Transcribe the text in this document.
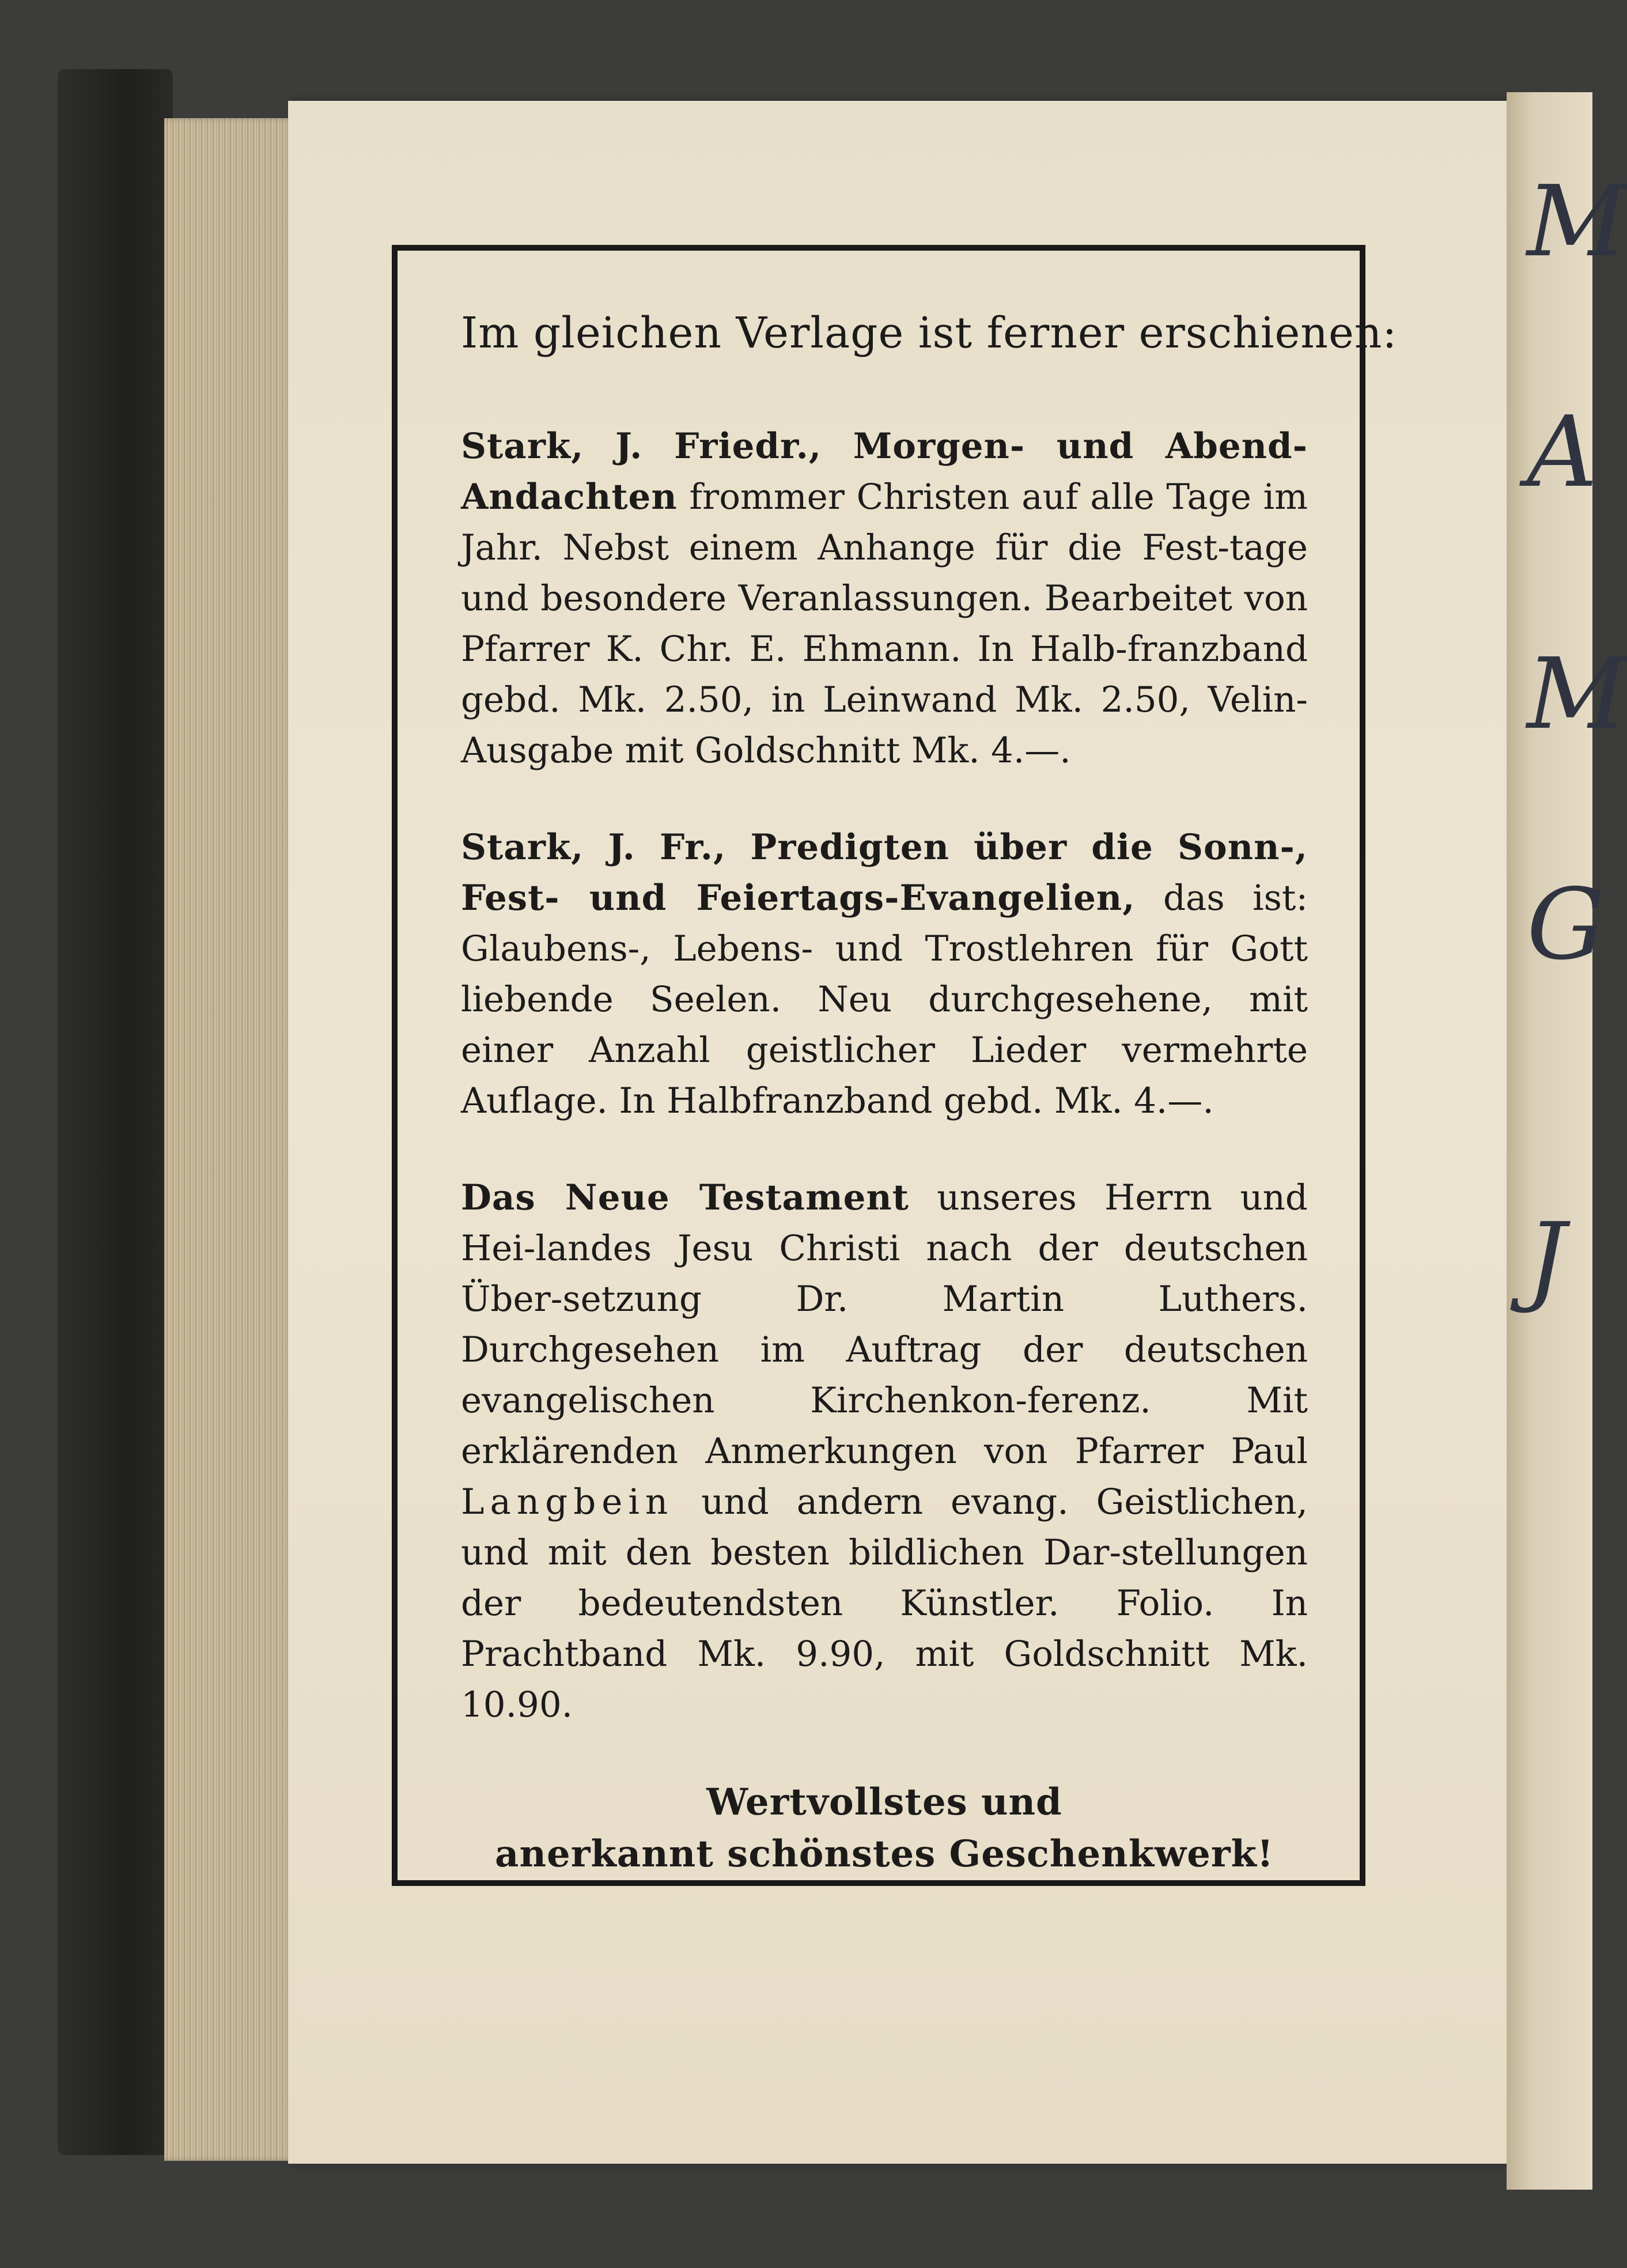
M
A
M
G
J
Im gleichen Verlage ist ferner erschienen:
Stark, J. Friedr., Morgen- und Abend-Andachten frommer Christen auf alle Tage im Jahr. Nebst einem Anhange für die Fest-tage und besondere Veranlassungen. Bearbeitet von Pfarrer K. Chr. E. Ehmann. In Halb-franzband gebd. Mk. 2.50, in Leinwand Mk. 2.50, Velin-Ausgabe mit Goldschnitt Mk. 4.—.
Stark, J. Fr., Predigten über die Sonn-, Fest- und Feiertags-Evangelien, das ist: Glaubens-, Lebens- und Trostlehren für Gott liebende Seelen. Neu durchgesehene, mit einer Anzahl geistlicher Lieder vermehrte Auflage. In Halbfranzband gebd. Mk. 4.—.
Das Neue Testament unseres Herrn und Hei-landes Jesu Christi nach der deutschen Über-setzung Dr. Martin Luthers. Durchgesehen im Auftrag der deutschen evangelischen Kirchenkon-ferenz. Mit erklärenden Anmerkungen von Pfarrer Paul Langbein und andern evang. Geistlichen, und mit den besten bildlichen Dar-stellungen der bedeutendsten Künstler. Folio. In Prachtband Mk. 9.90, mit Goldschnitt Mk. 10.90.
Wertvollstes und
anerkannt schönstes Geschenkwerk!
